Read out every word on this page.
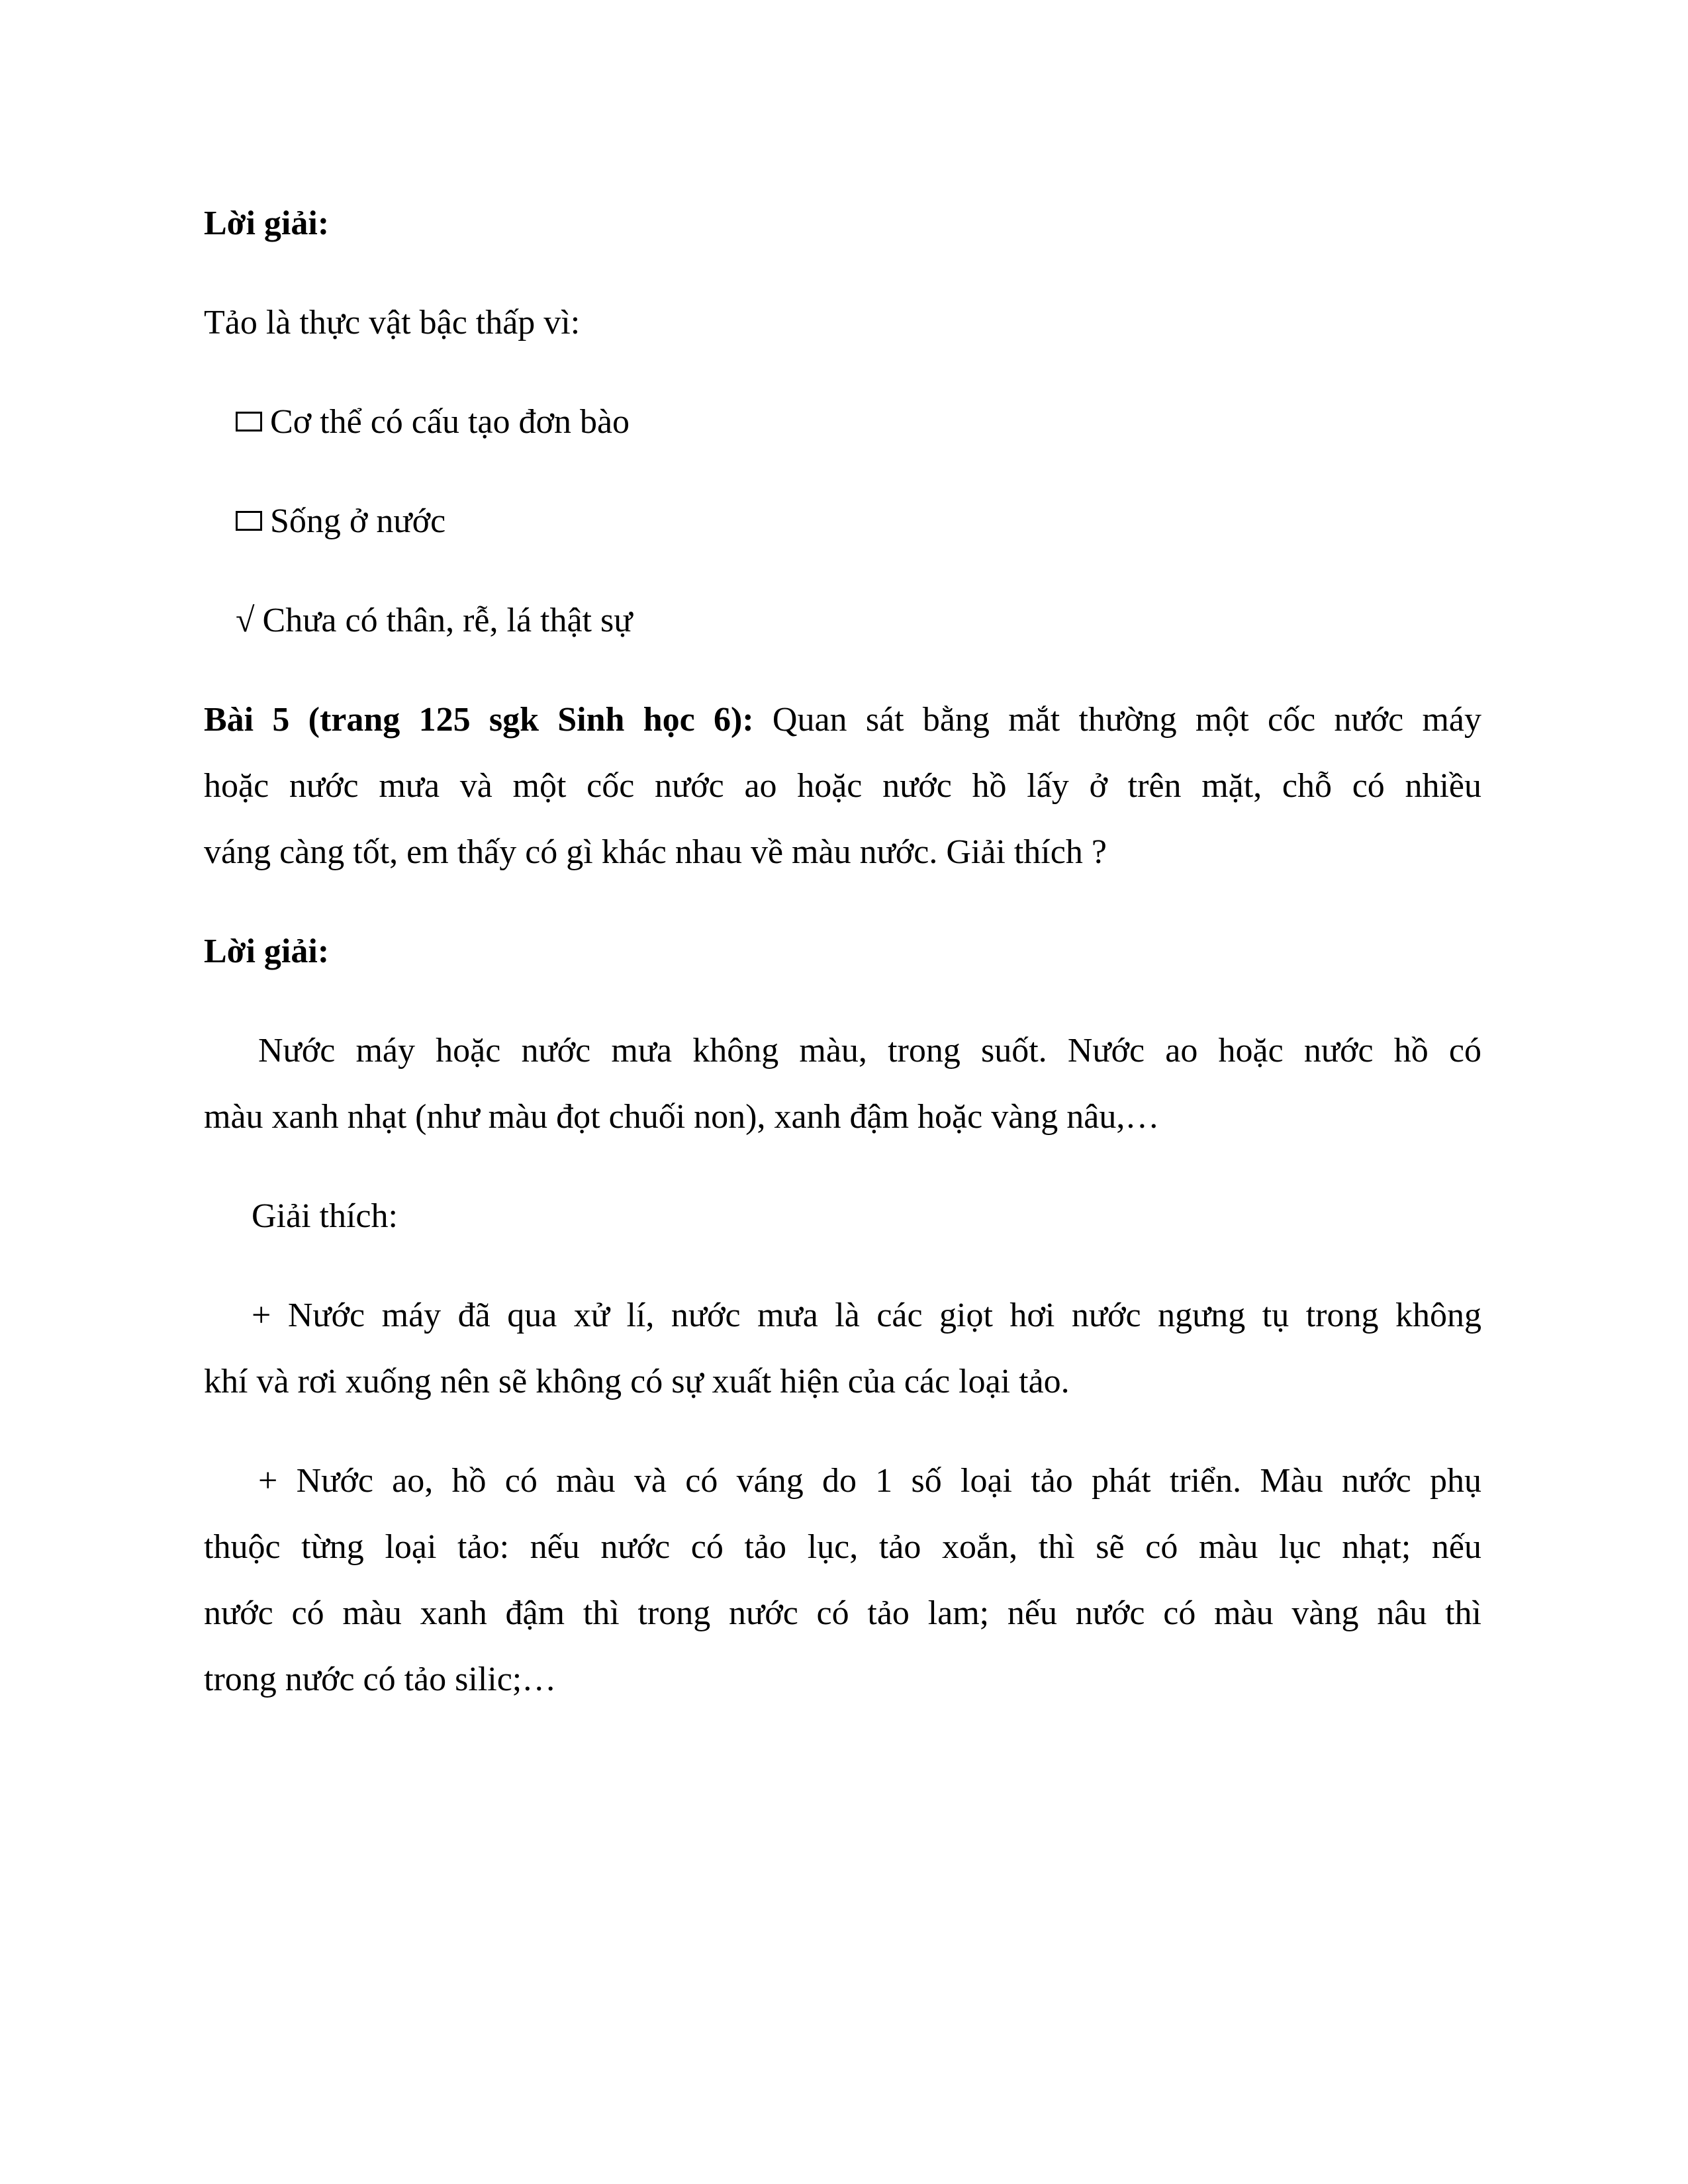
Lời giải:

Tảo là thực vật bậc thấp vì:

Cơ thể có cấu tạo đơn bào

Sống ở nước

√ Chưa có thân, rễ, lá thật sự

Bài 5 (trang 125 sgk Sinh học 6): Quan sát bằng mắt thường một cốc nước máy

hoặc nước mưa và một cốc nước ao hoặc nước hồ lấy ở trên mặt, chỗ có nhiều

váng càng tốt, em thấy có gì khác nhau về màu nước. Giải thích ?

Lời giải:

Nước máy hoặc nước mưa không màu, trong suốt. Nước ao hoặc nước hồ có

màu xanh nhạt (như màu đọt chuối non), xanh đậm hoặc vàng nâu,…

Giải thích:

+ Nước máy đã qua xử lí, nước mưa là các giọt hơi nước ngưng tụ trong không

khí và rơi xuống nên sẽ không có sự xuất hiện của các loại tảo.

+ Nước ao, hồ có màu và có váng do 1 số loại tảo phát triển. Màu nước phụ

thuộc từng loại tảo: nếu nước có tảo lục, tảo xoắn, thì sẽ có màu lục nhạt; nếu

nước có màu xanh đậm thì trong nước có tảo lam; nếu nước có màu vàng nâu thì

trong nước có tảo silic;…
